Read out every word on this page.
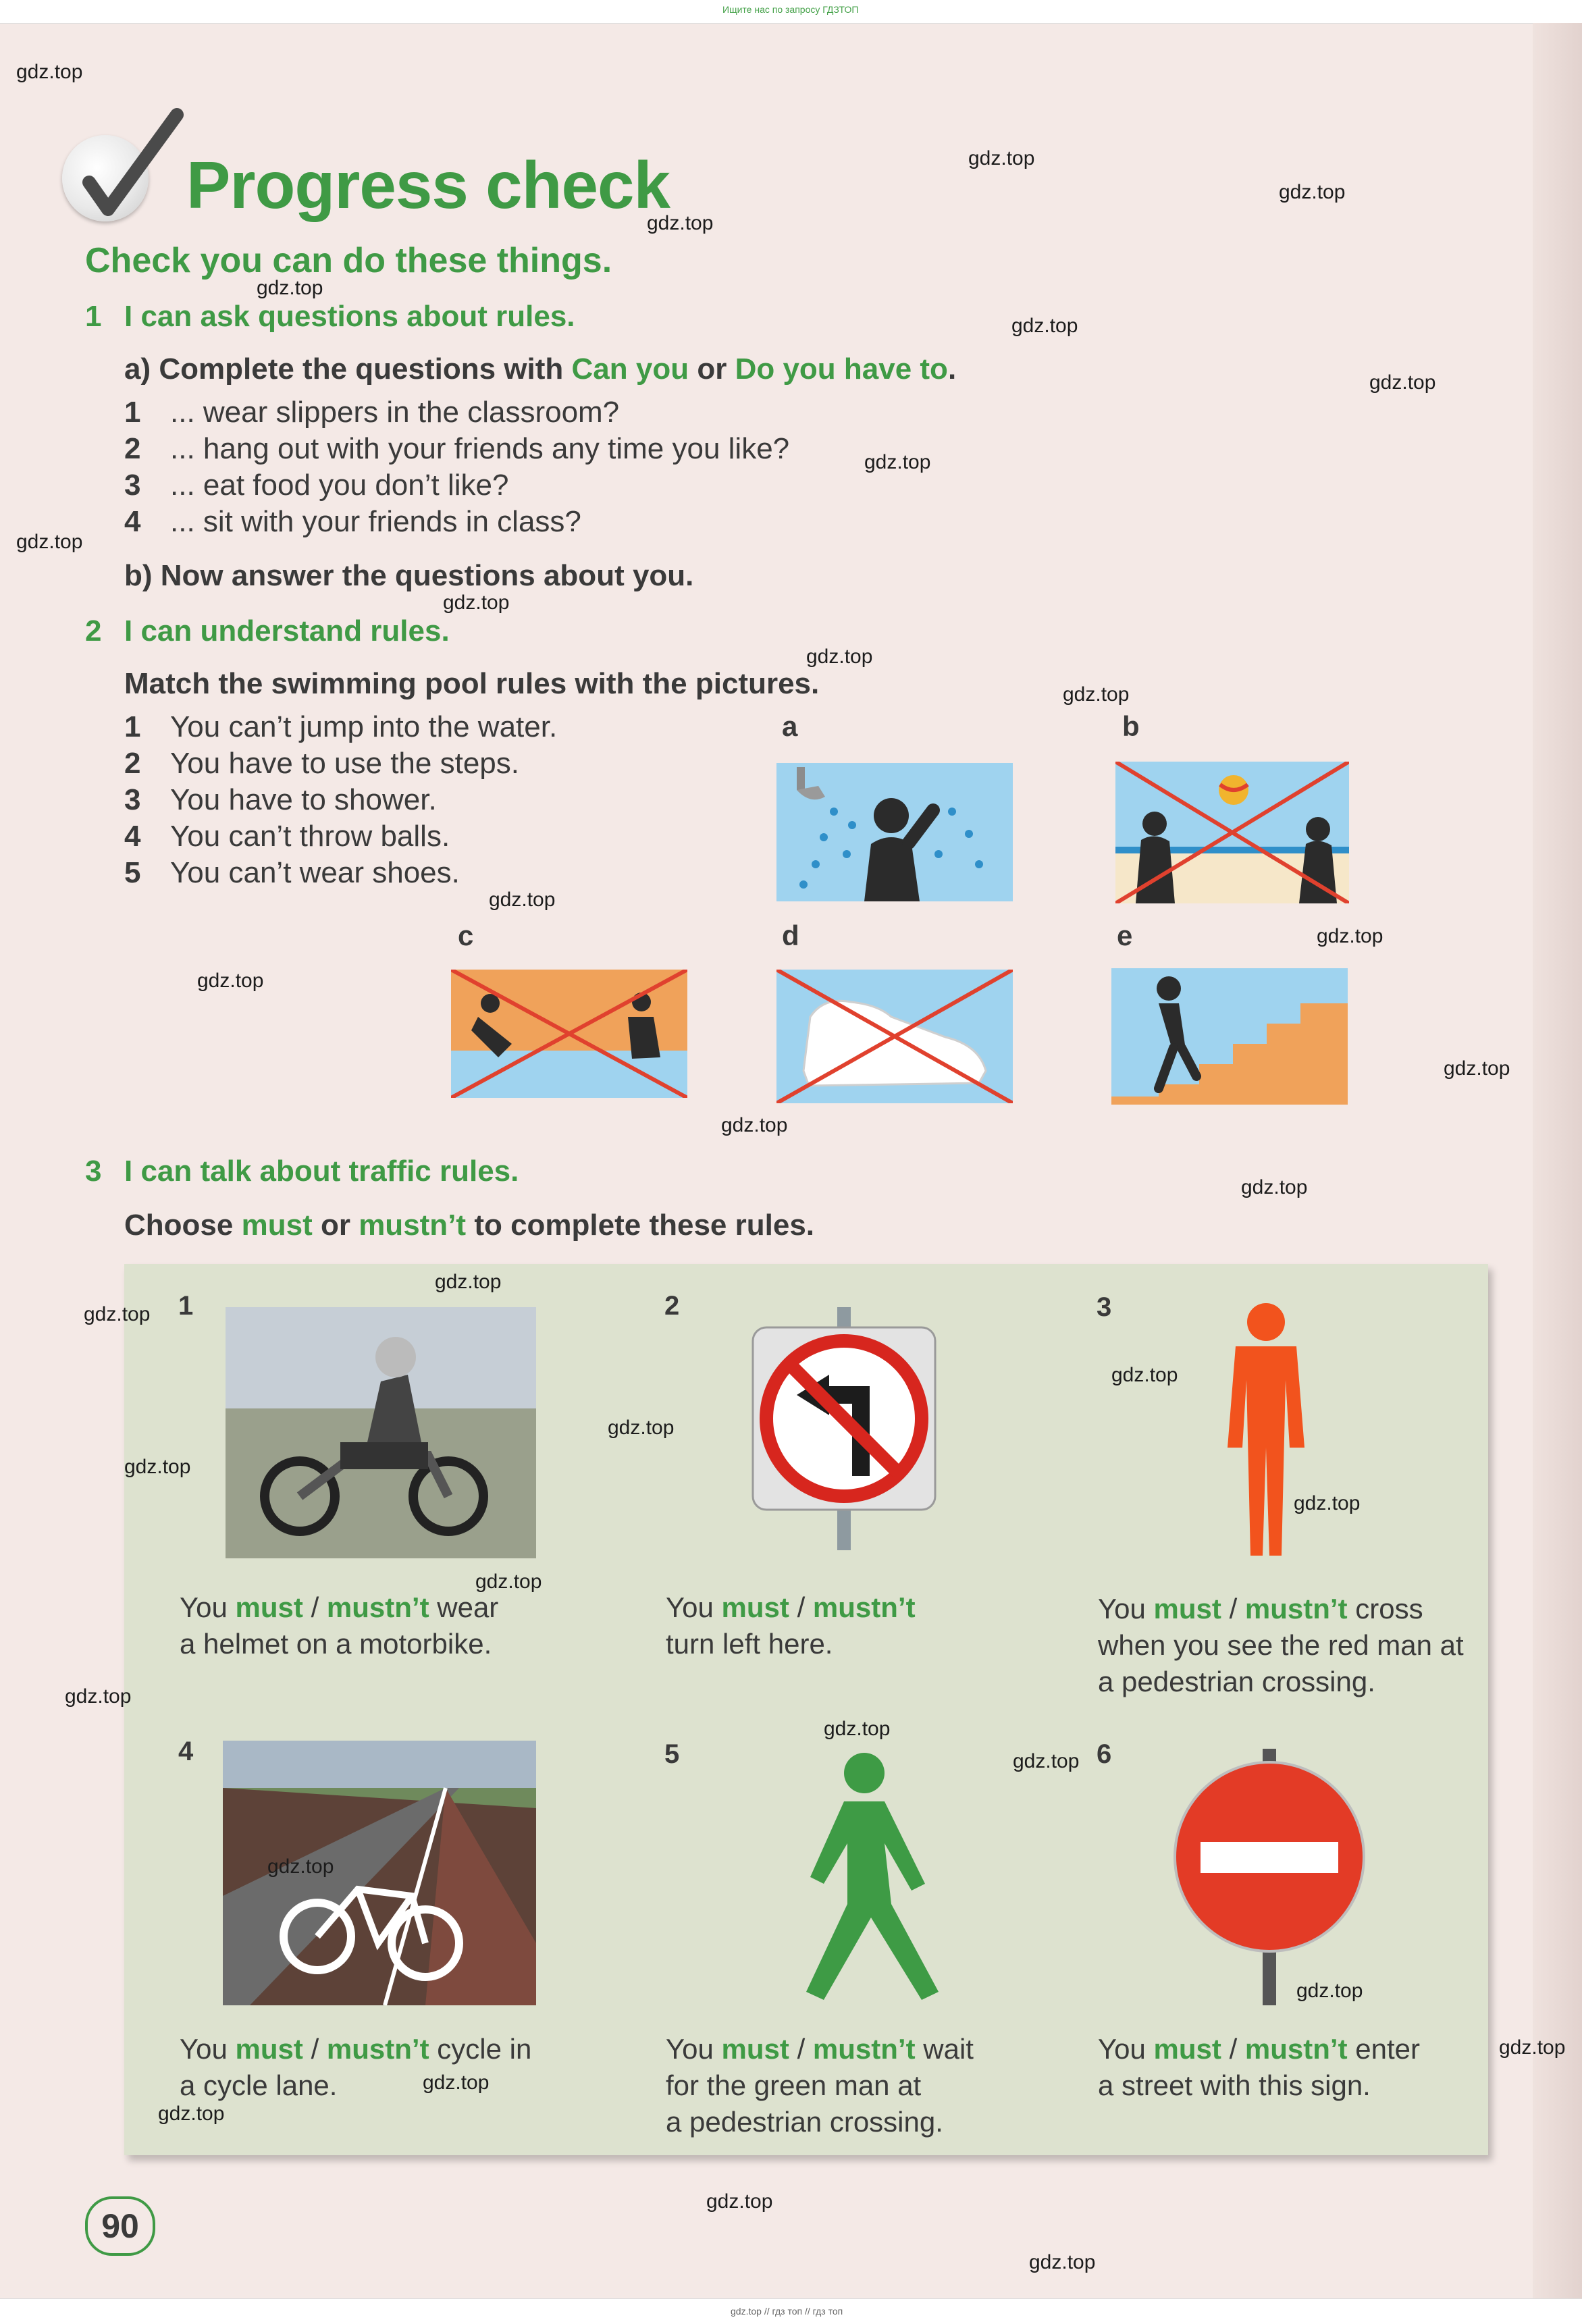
Ищите нас по запросу ГДЗТОП
Progress check
Check you can do these things.
1 I can ask questions about rules.
a) Complete the questions with Can you or Do you have to.
1 ... wear slippers in the classroom?
2 ... hang out with your friends any time you like?
3 ... eat food you don’t like?
4 ... sit with your friends in class?
b) Now answer the questions about you.
2 I can understand rules.
Match the swimming pool rules with the pictures.
1 You can’t jump into the water.
2 You have to use the steps.
3 You have to shower.
4 You can’t throw balls.
5 You can’t wear shoes.
a	b
c	d	e
3 I can talk about traffic rules.
Choose must or mustn’t to complete these rules.
1
You must / mustn’t wear
a helmet on a motorbike.
2
You must / mustn’t
turn left here.
3
You must / mustn’t cross
when you see the red man at
a pedestrian crossing.
4
You must / mustn’t cycle in
a cycle lane.
5
You must / mustn’t wait
for the green man at
a pedestrian crossing.
6
You must / mustn’t enter
a street with this sign.
90
gdz.top
gdz.top
gdz.top
gdz.top
gdz.top
gdz.top
gdz.top
gdz.top
gdz.top
gdz.top
gdz.top
gdz.top
gdz.top
gdz.top
gdz.top
gdz.top
gdz.top
gdz.top
gdz.top
gdz.top
gdz.top
gdz.top
gdz.top
gdz.top
gdz.top
gdz.top
gdz.top
gdz.top
gdz.top
gdz.top
gdz.top
gdz.top
gdz.top
gdz.top
gdz.top
gdz.top // гдз топ // гдз топ
